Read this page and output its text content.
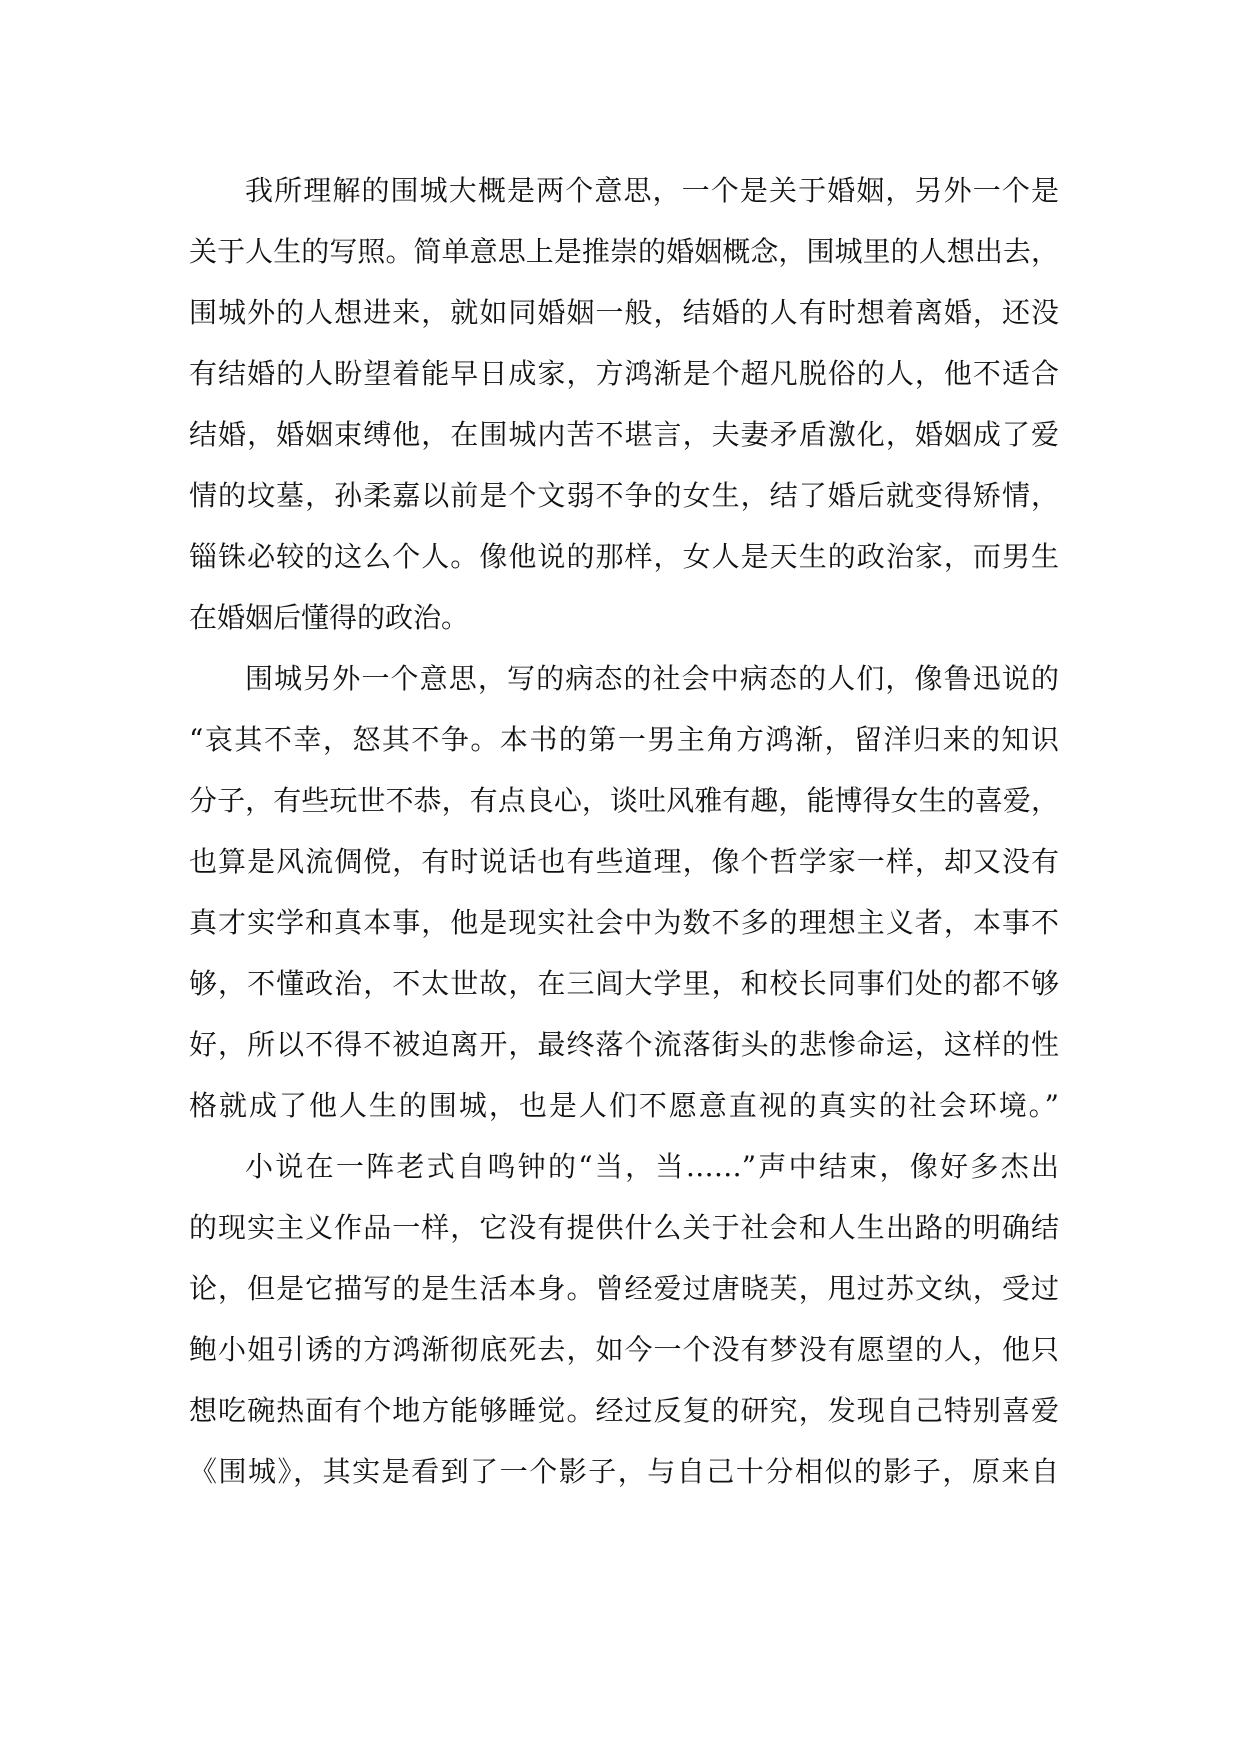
我所理解的围城大概是两个意思，一个是关于婚姻，另外一个是
关于人生的写照。简单意思上是推崇的婚姻概念，围城里的人想出去，
围城外的人想进来，就如同婚姻一般，结婚的人有时想着离婚，还没
有结婚的人盼望着能早日成家，方鸿渐是个超凡脱俗的人，他不适合
结婚，婚姻束缚他，在围城内苦不堪言，夫妻矛盾激化，婚姻成了爱
情的坟墓，孙柔嘉以前是个文弱不争的女生，结了婚后就变得矫情，
锱铢必较的这么个人。像他说的那样，女人是天生的政治家，而男生
在婚姻后懂得的政治。
围城另外一个意思，写的病态的社会中病态的人们，像鲁迅说的
“哀其不幸，怒其不争。本书的第一男主角方鸿渐，留洋归来的知识
分子，有些玩世不恭，有点良心，谈吐风雅有趣，能博得女生的喜爱，
也算是风流倜傥，有时说话也有些道理，像个哲学家一样，却又没有
真才实学和真本事，他是现实社会中为数不多的理想主义者，本事不
够，不懂政治，不太世故，在三闾大学里，和校长同事们处的都不够
好，所以不得不被迫离开，最终落个流落街头的悲惨命运，这样的性
格就成了他人生的围城，也是人们不愿意直视的真实的社会环境。”
小说在一阵老式自鸣钟的“当，当……”声中结束，像好多杰出
的现实主义作品一样，它没有提供什么关于社会和人生出路的明确结
论，但是它描写的是生活本身。曾经爱过唐晓芙，甩过苏文纨，受过
鲍小姐引诱的方鸿渐彻底死去，如今一个没有梦没有愿望的人，他只
想吃碗热面有个地方能够睡觉。经过反复的研究，发现自己特别喜爱
《围城》，其实是看到了一个影子，与自己十分相似的影子，原来自
